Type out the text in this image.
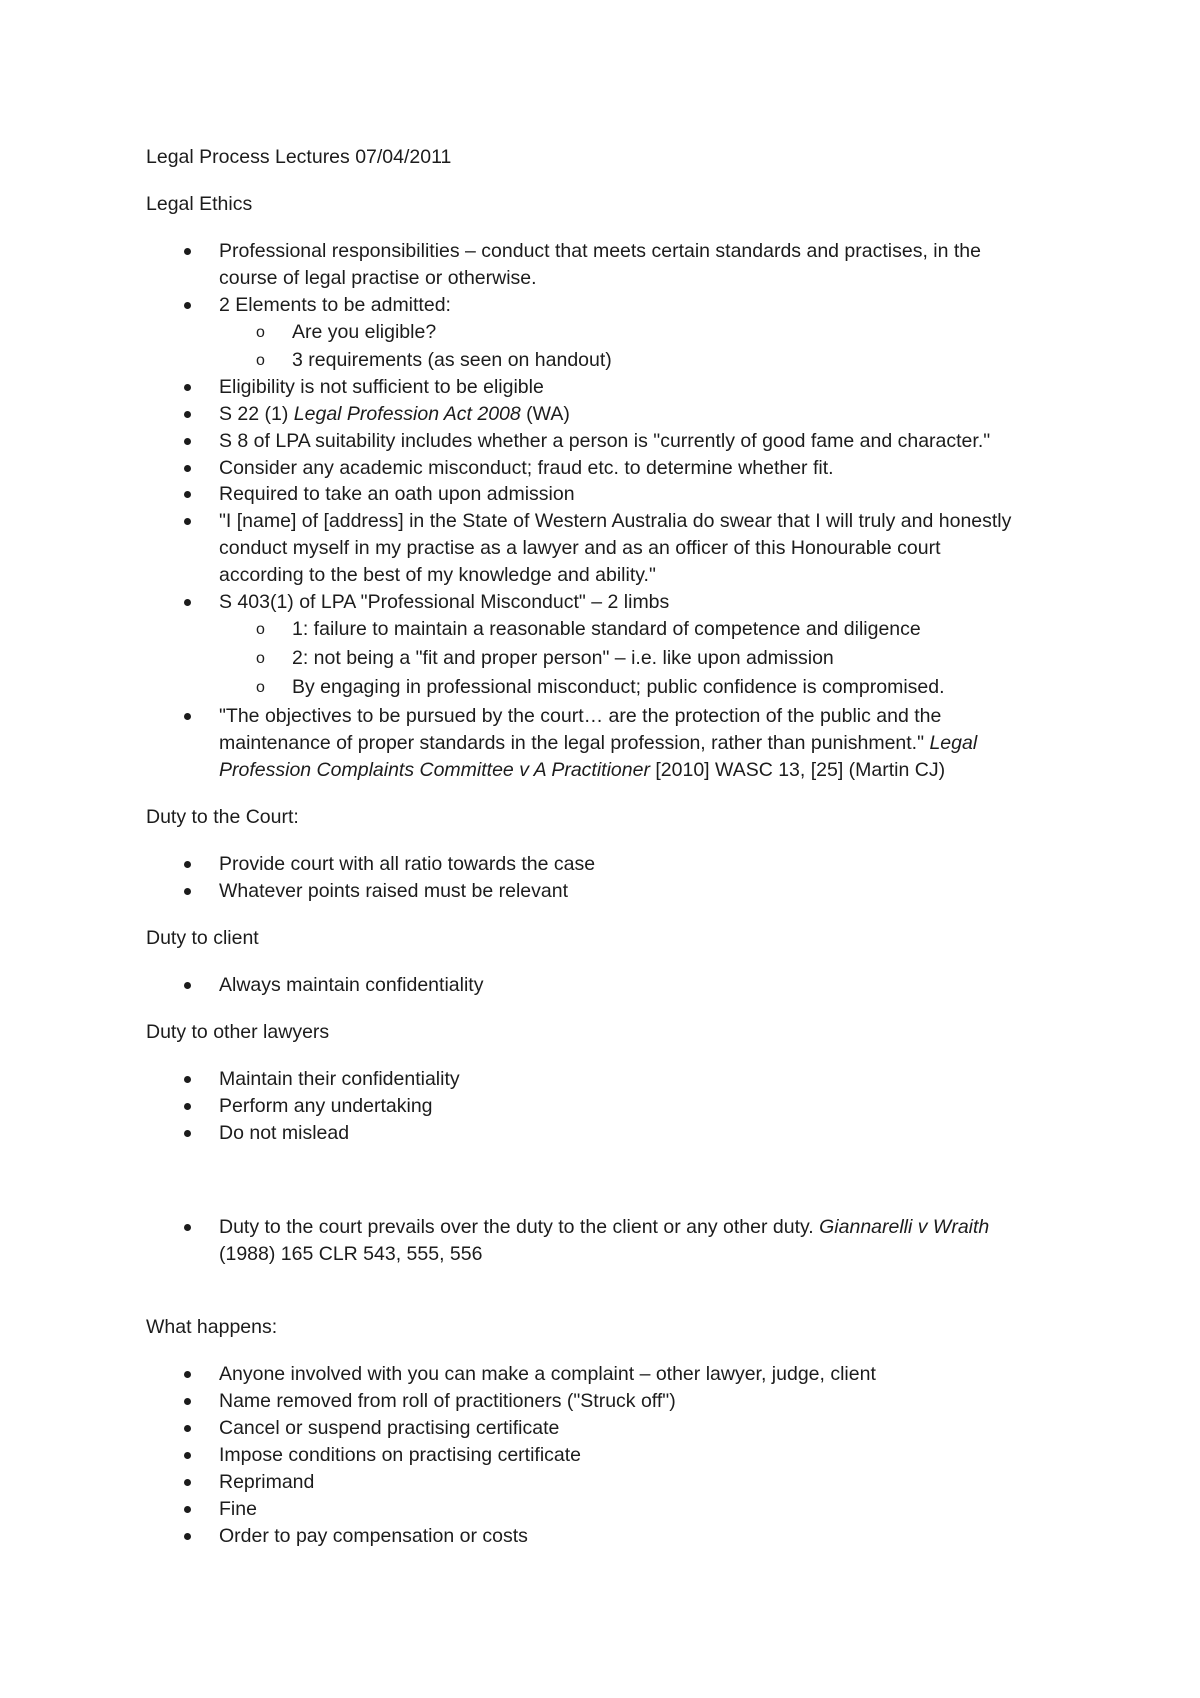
Legal Process Lectures 07/04/2011
Legal Ethics
Professional responsibilities – conduct that meets certain standards and practises, in the
course of legal practise or otherwise.
2 Elements to be admitted:
o Are you eligible?
o 3 requirements (as seen on handout)
Eligibility is not sufficient to be eligible
S 22 (1) Legal Profession Act 2008 (WA)
S 8 of LPA suitability includes whether a person is "currently of good fame and character."
Consider any academic misconduct; fraud etc. to determine whether fit.
Required to take an oath upon admission
"I [name] of [address] in the State of Western Australia do swear that I will truly and honestly
conduct myself in my practise as a lawyer and as an officer of this Honourable court
according to the best of my knowledge and ability."
S 403(1) of LPA "Professional Misconduct" – 2 limbs
o 1: failure to maintain a reasonable standard of competence and diligence
o 2: not being a "fit and proper person" – i.e. like upon admission
o By engaging in professional misconduct; public confidence is compromised.
"The objectives to be pursued by the court… are the protection of the public and the
maintenance of proper standards in the legal profession, rather than punishment." Legal
Profession Complaints Committee v A Practitioner [2010] WASC 13, [25] (Martin CJ)
Duty to the Court:
Provide court with all ratio towards the case
Whatever points raised must be relevant
Duty to client
Always maintain confidentiality
Duty to other lawyers
Maintain their confidentiality
Perform any undertaking
Do not mislead
Duty to the court prevails over the duty to the client or any other duty. Giannarelli v Wraith
(1988) 165 CLR 543, 555, 556
What happens:
Anyone involved with you can make a complaint – other lawyer, judge, client
Name removed from roll of practitioners ("Struck off")
Cancel or suspend practising certificate
Impose conditions on practising certificate
Reprimand
Fine
Order to pay compensation or costs
